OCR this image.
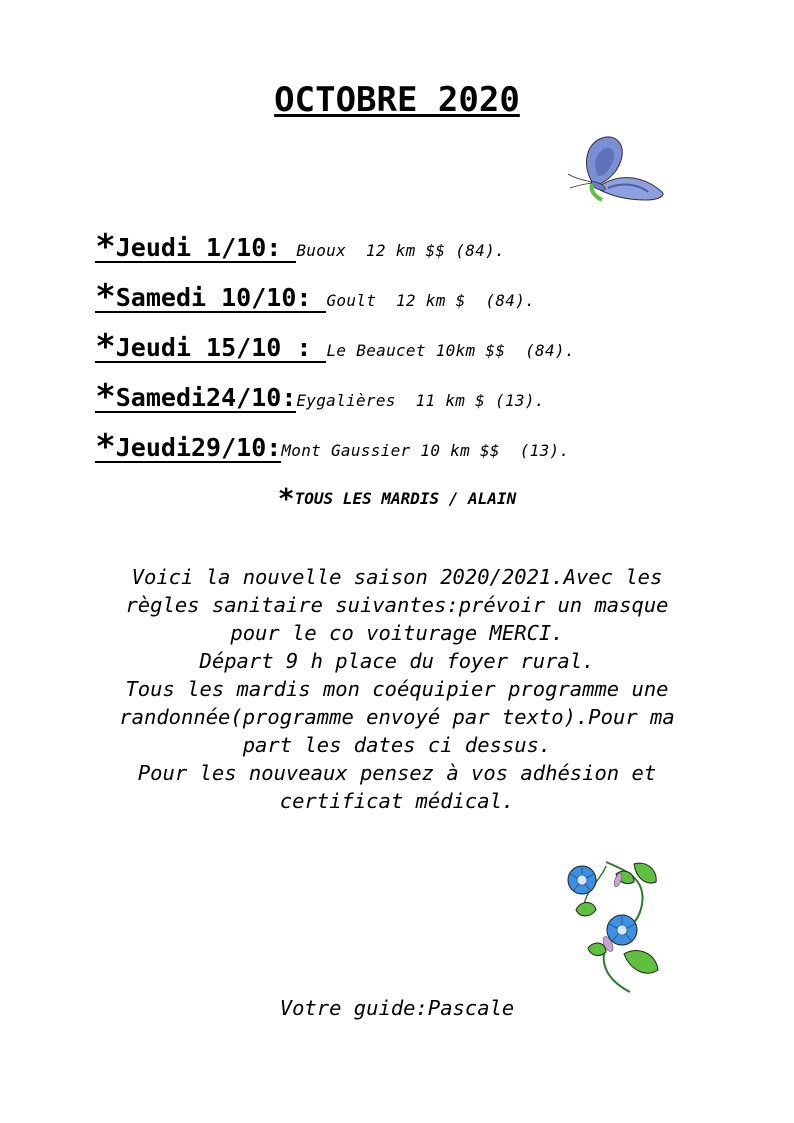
OCTOBRE 2020

*Jeudi 1/10: Buoux  12 km $$ (84).

*Samedi 10/10: Goult  12 km $  (84).

*Jeudi 15/10 : Le Beaucet 10km $$  (84).

*Samedi24/10:Eygalières  11 km $ (13).

*Jeudi29/10:Mont Gaussier 10 km $$  (13).

*TOUS LES MARDIS / ALAIN
Voici la nouvelle saison 2020/2021.Avec les
règles sanitaire suivantes:prévoir un masque
pour le co voiturage MERCI.
Départ 9 h place du foyer rural.
Tous les mardis mon coéquipier programme une
randonnée(programme envoyé par texto).Pour ma
part les dates ci dessus.
Pour les nouveaux pensez à vos adhésion et
certificat médical.
Votre guide:Pascale
